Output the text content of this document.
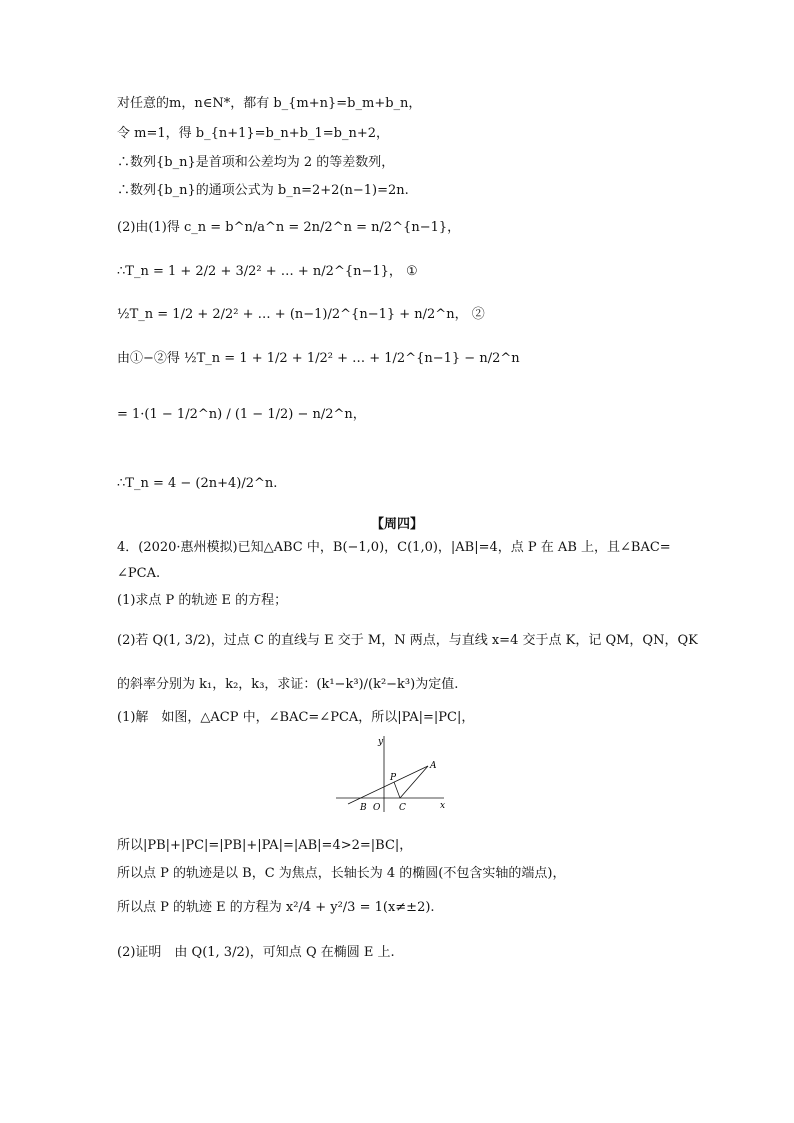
对任意的m，n∈N*，都有 b_{m+n}=b_m+b_n，
令 m=1，得 b_{n+1}=b_n+b_1=b_n+2，
∴数列{b_n}是首项和公差均为 2 的等差数列，
∴数列{b_n}的通项公式为 b_n=2+2(n−1)=2n.
(2)由(1)得 c_n = b^n/a^n = 2n/2^n = n/2^{n−1}，
∴T_n = 1 + 2/2 + 3/2² + … + n/2^{n−1}， ①
½T_n = 1/2 + 2/2² + … + (n−1)/2^{n−1} + n/2^n， ②
由①−②得 ½T_n = 1 + 1/2 + 1/2² + … + 1/2^{n−1} − n/2^n
= 1·(1 − 1/2^n) / (1 − 1/2) − n/2^n，
∴T_n = 4 − (2n+4)/2^n.
【周四】
4．(2020·惠州模拟)已知△ABC 中，B(−1,0)，C(1,0)，|AB|=4，点 P 在 AB 上，且∠BAC=
∠PCA.
(1)求点 P 的轨迹 E 的方程；
(2)若 Q(1, 3/2)，过点 C 的直线与 E 交于 M，N 两点，与直线 x=4 交于点 K，记 QM，QN，QK
的斜率分别为 k₁，k₂，k₃，求证：(k¹−k³)/(k²−k³)为定值.
(1)解　如图，△ACP 中，∠BAC=∠PCA，所以|PA|=|PC|，
y
x
A
P
B O C
所以|PB|+|PC|=|PB|+|PA|=|AB|=4>2=|BC|，
所以点 P 的轨迹是以 B，C 为焦点，长轴长为 4 的椭圆(不包含实轴的端点)，
所以点 P 的轨迹 E 的方程为 x²/4 + y²/3 = 1(x≠±2).
(2)证明　由 Q(1, 3/2)，可知点 Q 在椭圆 E 上.
